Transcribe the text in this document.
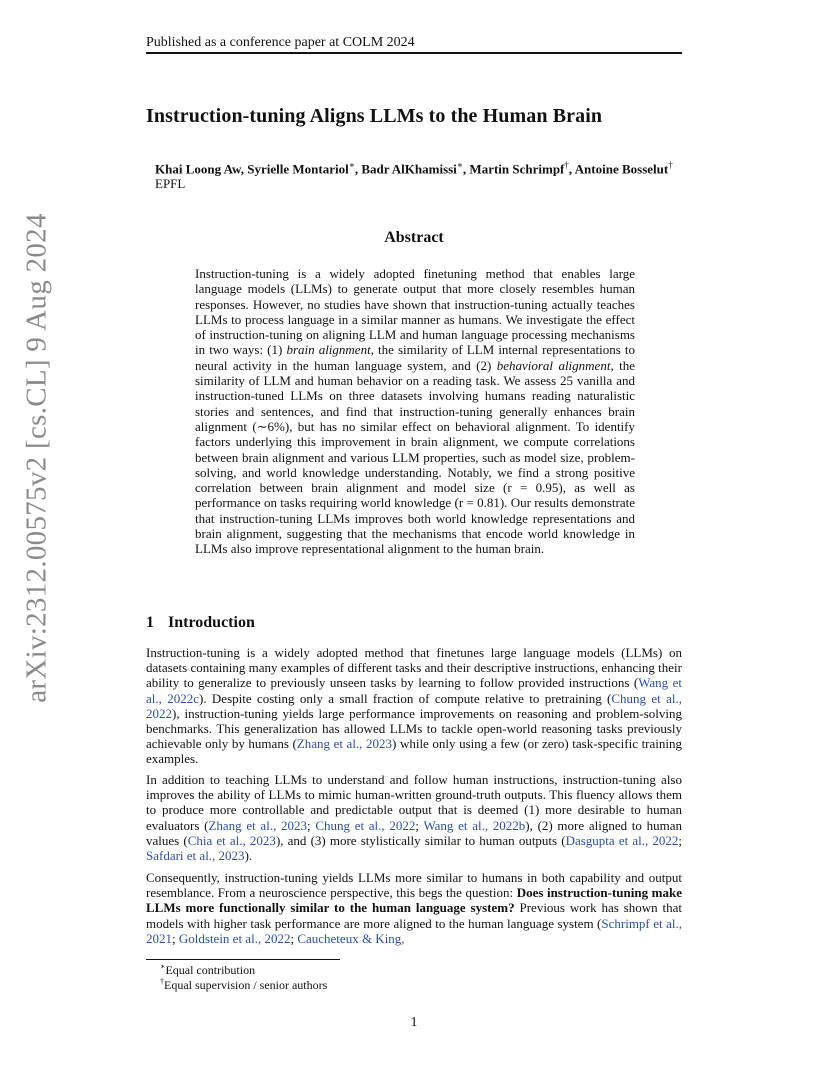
Published as a conference paper at COLM 2024
arXiv:2312.00575v2 [cs.CL] 9 Aug 2024
Instruction-tuning Aligns LLMs to the Human Brain
Khai Loong Aw, Syrielle Montariol∗, Badr AlKhamissi∗, Martin Schrimpf†, Antoine Bosselut†
EPFL
Abstract
Instruction-tuning is a widely adopted finetuning method that enables large language models (LLMs) to generate output that more closely resembles human responses. However, no studies have shown that instruction-tuning actually teaches LLMs to process language in a similar manner as humans. We investigate the effect of instruction-tuning on aligning LLM and human language processing mechanisms in two ways: (1) brain alignment, the similarity of LLM internal representations to neural activity in the human language system, and (2) behavioral alignment, the similarity of LLM and human behavior on a reading task. We assess 25 vanilla and instruction-tuned LLMs on three datasets involving humans reading naturalistic stories and sentences, and find that instruction-tuning generally enhances brain alignment (∼6%), but has no similar effect on behavioral alignment. To identify factors underlying this improvement in brain alignment, we compute correlations between brain alignment and various LLM properties, such as model size, problem-solving, and world knowledge understanding. Notably, we find a strong positive correlation between brain alignment and model size (r = 0.95), as well as performance on tasks requiring world knowledge (r = 0.81). Our results demonstrate that instruction-tuning LLMs improves both world knowledge representations and brain alignment, suggesting that the mechanisms that encode world knowledge in LLMs also improve representational alignment to the human brain.
1 Introduction
Instruction-tuning is a widely adopted method that finetunes large language models (LLMs) on datasets containing many examples of different tasks and their descriptive instructions, enhancing their ability to generalize to previously unseen tasks by learning to follow provided instructions (Wang et al., 2022c). Despite costing only a small fraction of compute relative to pretraining (Chung et al., 2022), instruction-tuning yields large performance improvements on reasoning and problem-solving benchmarks. This generalization has allowed LLMs to tackle open-world reasoning tasks previously achievable only by humans (Zhang et al., 2023) while only using a few (or zero) task-specific training examples.
In addition to teaching LLMs to understand and follow human instructions, instruction-tuning also improves the ability of LLMs to mimic human-written ground-truth outputs. This fluency allows them to produce more controllable and predictable output that is deemed (1) more desirable to human evaluators (Zhang et al., 2023; Chung et al., 2022; Wang et al., 2022b), (2) more aligned to human values (Chia et al., 2023), and (3) more stylistically similar to human outputs (Dasgupta et al., 2022; Safdari et al., 2023).
Consequently, instruction-tuning yields LLMs more similar to humans in both capability and output resemblance. From a neuroscience perspective, this begs the question: Does instruction-tuning make LLMs more functionally similar to the human language system? Previous work has shown that models with higher task performance are more aligned to the human language system (Schrimpf et al., 2021; Goldstein et al., 2022; Caucheteux & King,
∗Equal contribution
†Equal supervision / senior authors
1
